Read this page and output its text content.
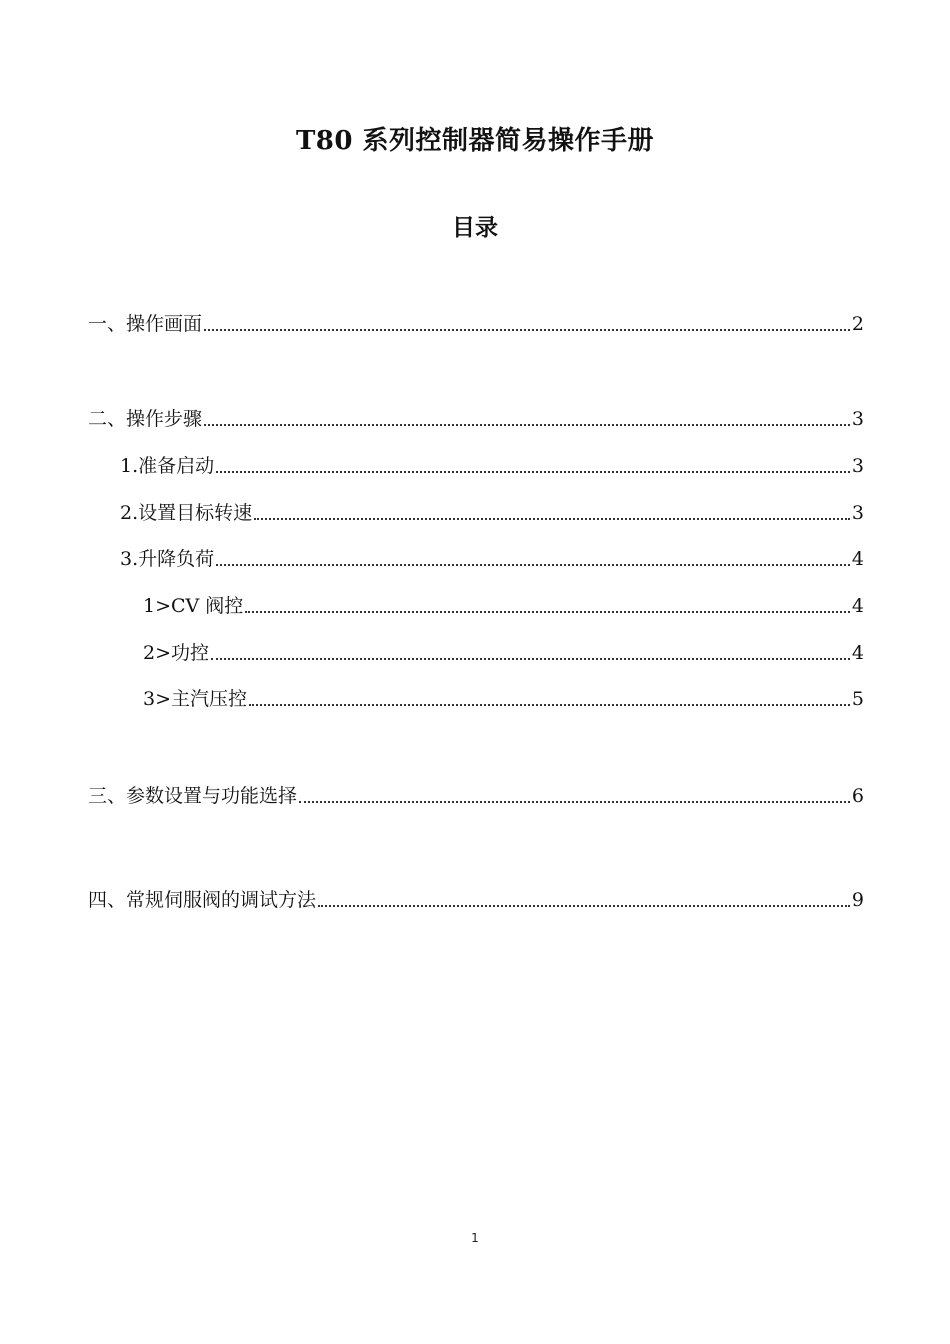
T80 系列控制器简易操作手册
目录
一、操作画面	2
二、操作步骤	3
1.准备启动	3
2.设置目标转速	3
3.升降负荷	4
1>CV 阀控	4
2>功控	4
3>主汽压控	5
三、参数设置与功能选择	6
四、常规伺服阀的调试方法	9
1
